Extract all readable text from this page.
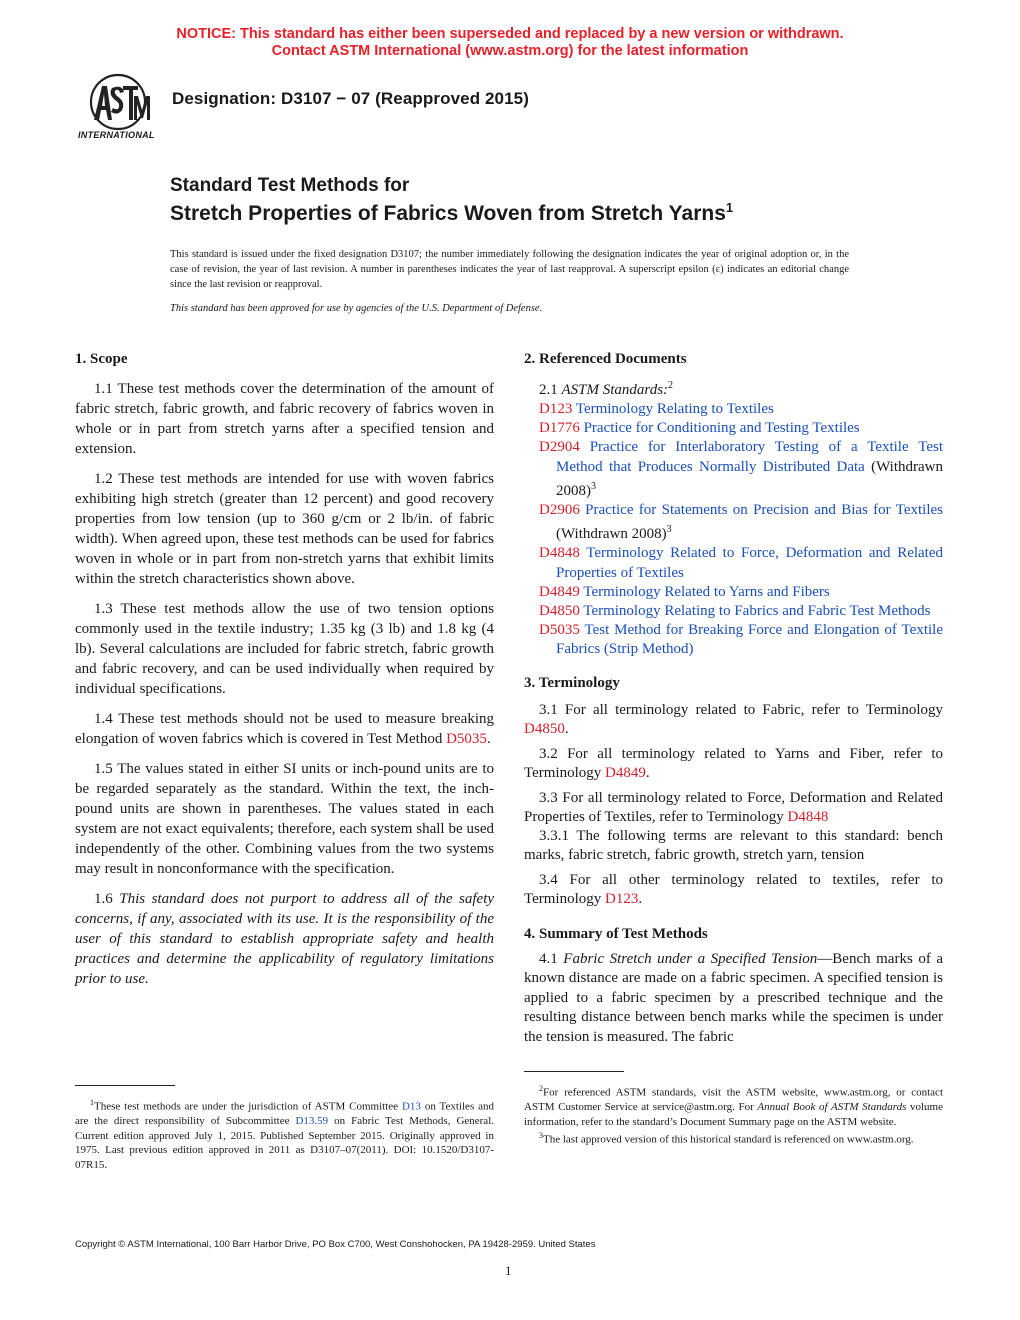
NOTICE: This standard has either been superseded and replaced by a new version or withdrawn.
Contact ASTM International (www.astm.org) for the latest information
INTERNATIONAL
Designation: D3107 − 07 (Reapproved 2015)
Standard Test Methods for
Stretch Properties of Fabrics Woven from Stretch Yarns$^1$
This standard is issued under the fixed designation D3107; the number immediately following the designation indicates the year of original adoption or, in the case of revision, the year of last revision. A number in parentheses indicates the year of last reapproval. A superscript epsilon (ε) indicates an editorial change since the last revision or reapproval.
This standard has been approved for use by agencies of the U.S. Department of Defense.
1. Scope

1.1 These test methods cover the determination of the amount of fabric stretch, fabric growth, and fabric recovery of fabrics woven in whole or in part from stretch yarns after a specified tension and extension.

1.2 These test methods are intended for use with woven fabrics exhibiting high stretch (greater than 12 percent) and good recovery properties from low tension (up to 360 g/cm or 2 lb/in. of fabric width). When agreed upon, these test methods can be used for fabrics woven in whole or in part from non-stretch yarns that exhibit limits within the stretch characteristics shown above.

1.3 These test methods allow the use of two tension options commonly used in the textile industry; 1.35 kg (3 lb) and 1.8 kg (4 lb). Several calculations are included for fabric stretch, fabric growth and fabric recovery, and can be used individually when required by individual specifications.

1.4 These test methods should not be used to measure breaking elongation of woven fabrics which is covered in Test Method D5035.

1.5 The values stated in either SI units or inch-pound units are to be regarded separately as the standard. Within the text, the inch-pound units are shown in parentheses. The values stated in each system are not exact equivalents; therefore, each system shall be used independently of the other. Combining values from the two systems may result in nonconformance with the specification.

1.6 This standard does not purport to address all of the safety concerns, if any, associated with its use. It is the responsibility of the user of this standard to establish appropriate safety and health practices and determine the applicability of regulatory limitations prior to use.

2. Referenced Documents

2.1 ASTM Standards:$^2$

D123 Terminology Relating to Textiles

D1776 Practice for Conditioning and Testing Textiles

D2904 Practice for Interlaboratory Testing of a Textile Test Method that Produces Normally Distributed Data (Withdrawn 2008)$^3$

D2906 Practice for Statements on Precision and Bias for Textiles (Withdrawn 2008)$^3$

D4848 Terminology Related to Force, Deformation and Related Properties of Textiles

D4849 Terminology Related to Yarns and Fibers

D4850 Terminology Relating to Fabrics and Fabric Test Methods

D5035 Test Method for Breaking Force and Elongation of Textile Fabrics (Strip Method)

3. Terminology

3.1 For all terminology related to Fabric, refer to Terminology D4850.

3.2 For all terminology related to Yarns and Fiber, refer to Terminology D4849.

3.3 For all terminology related to Force, Deformation and Related Properties of Textiles, refer to Terminology D4848

3.3.1 The following terms are relevant to this standard: bench marks, fabric stretch, fabric growth, stretch yarn, tension

3.4 For all other terminology related to textiles, refer to Terminology D123.

4. Summary of Test Methods

4.1 Fabric Stretch under a Specified Tension—Bench marks of a known distance are made on a fabric specimen. A specified tension is applied to a fabric specimen by a prescribed technique and the resulting distance between bench marks while the specimen is under the tension is measured. The fabric

$^1$These test methods are under the jurisdiction of ASTM Committee D13 on Textiles and are the direct responsibility of Subcommittee D13.59 on Fabric Test Methods, General. Current edition approved July 1, 2015. Published September 2015. Originally approved in 1975. Last previous edition approved in 2011 as D3107–07(2011). DOI: 10.1520/D3107-07R15.

$^2$For referenced ASTM standards, visit the ASTM website, www.astm.org, or contact ASTM Customer Service at service@astm.org. For Annual Book of ASTM Standards volume information, refer to the standard’s Document Summary page on the ASTM website.

$^3$The last approved version of this historical standard is referenced on www.astm.org.

Copyright © ASTM International, 100 Barr Harbor Drive, PO Box C700, West Conshohocken, PA 19428-2959. United States
1
